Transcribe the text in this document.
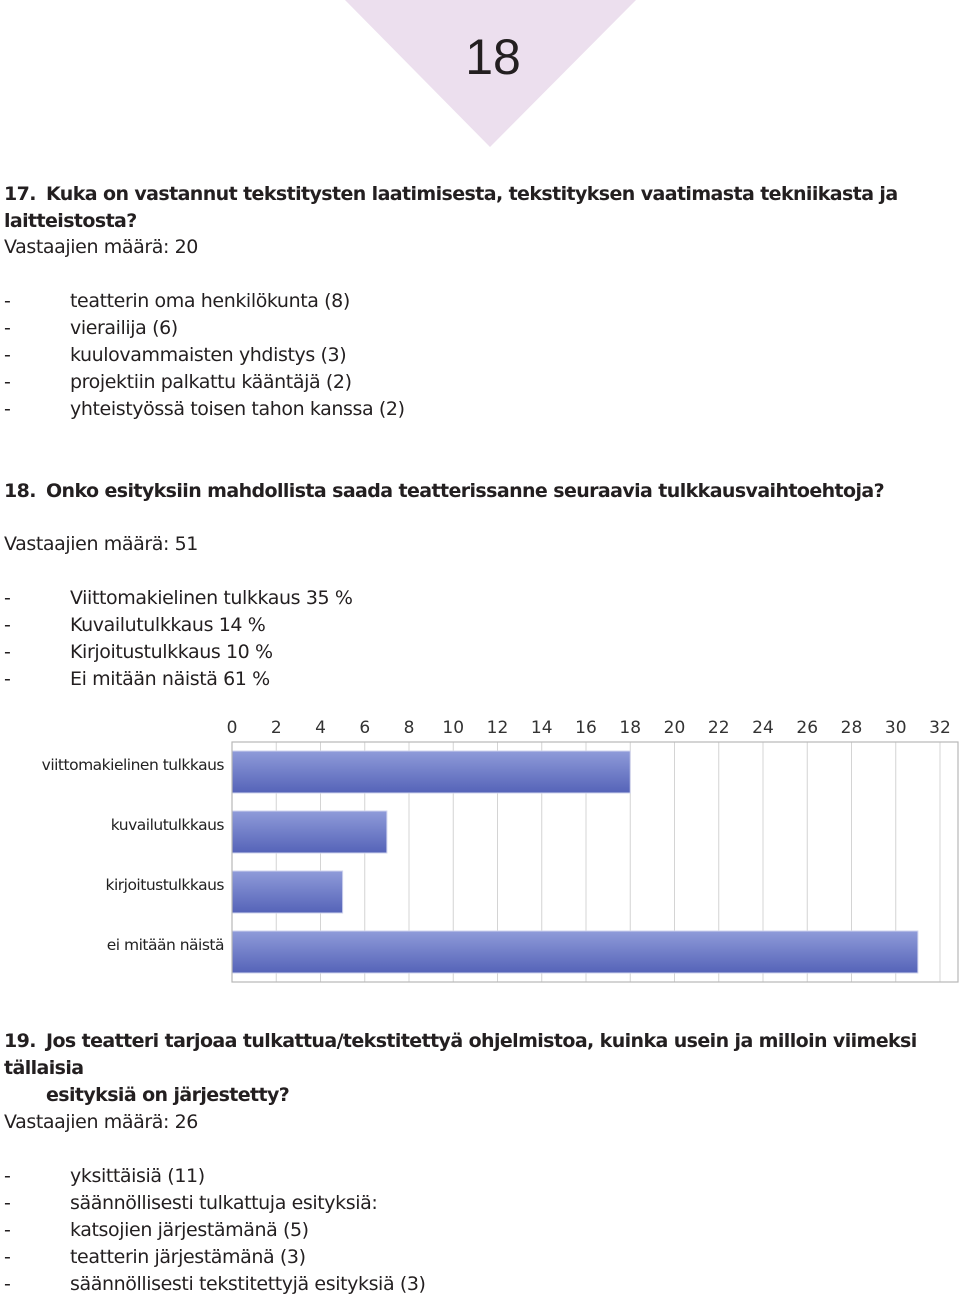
18
17. Kuka on vastannut tekstitysten laatimisesta, tekstityksen vaatimasta tekniikasta ja laitteistosta?
Vastaajien määrä: 20
-	teatterin oma henkilökunta (8)
-	vierailija (6)
-	kuulovammaisten yhdistys (3)
-	projektiin palkattu kääntäjä (2)
-	yhteistyössä toisen tahon kanssa (2)
18. Onko esityksiin mahdollista saada teatterissanne seuraavia tulkkausvaihtoehtoja?
Vastaajien määrä: 51
-	Viittomakielinen tulkkaus 35 %
-	Kuvailutulkkaus 14 %
-	Kirjoitustulkkaus 10 %
-	Ei mitään näistä 61 %
0 2 4 6 8 10 12 14 16 18 20 22 24 26 28 30 32
viittomakielinen tulkkaus
kuvailutulkkaus
kirjoitustulkkaus
ei mitään näistä
19. Jos teatteri tarjoaa tulkattua/tekstitettyä ohjelmistoa, kuinka usein ja milloin viimeksi tällaisia
esityksiä on järjestetty?
Vastaajien määrä: 26
-	yksittäisiä (11)
-	säännöllisesti tulkattuja esityksiä:
-	katsojien järjestämänä (5)
-	teatterin järjestämänä (3)
-	säännöllisesti tekstitettyjä esityksiä (3)
